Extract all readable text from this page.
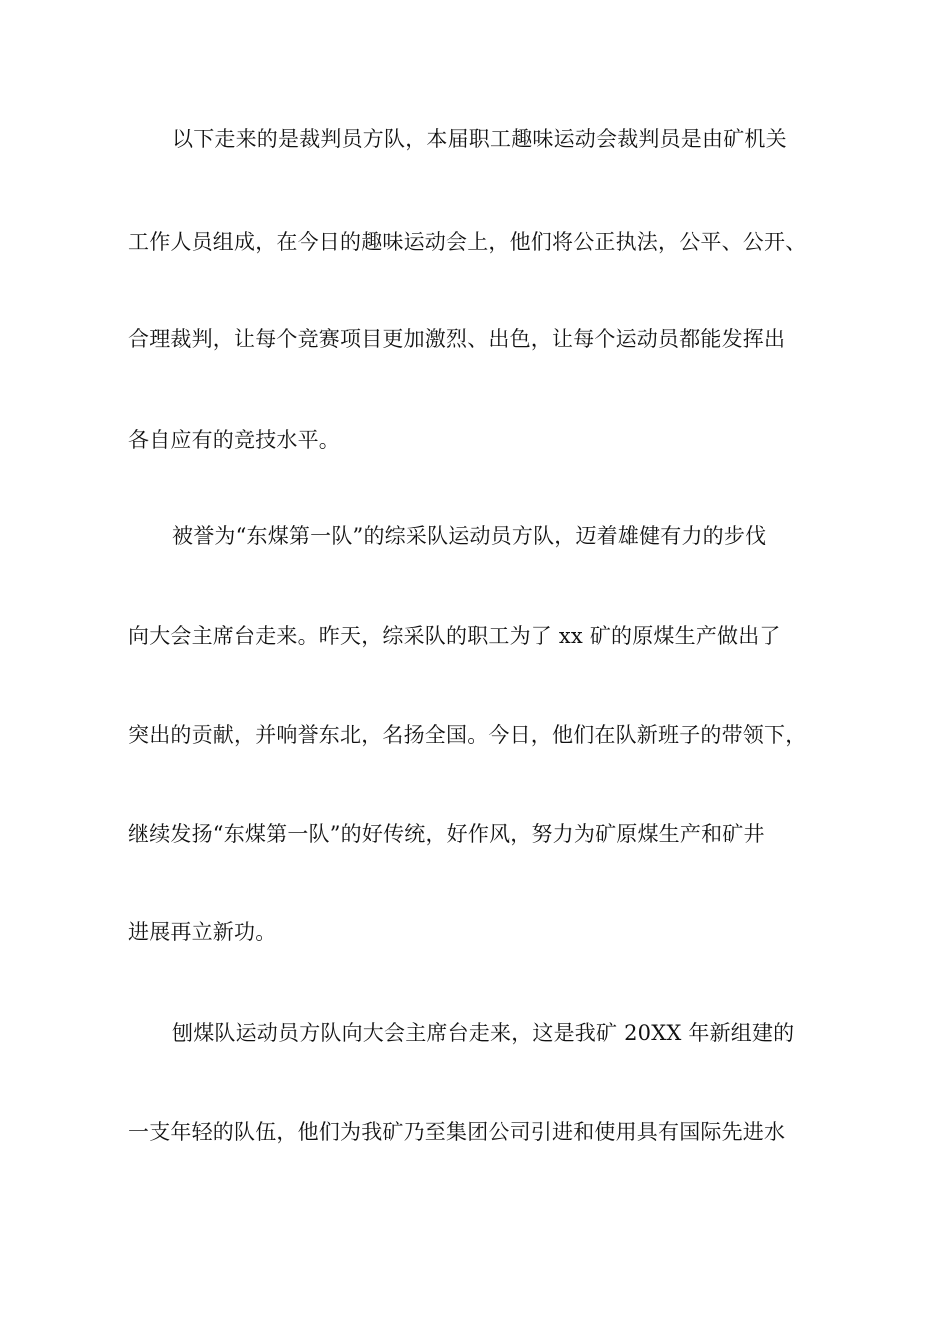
以下走来的是裁判员方队，本届职工趣味运动会裁判员是由矿机关
工作人员组成，在今日的趣味运动会上，他们将公正执法，公平、公开、
合理裁判，让每个竞赛项目更加激烈、出色，让每个运动员都能发挥出
各自应有的竞技水平。
被誉为“东煤第一队”的综采队运动员方队，迈着雄健有力的步伐
向大会主席台走来。昨天，综采队的职工为了 xx 矿的原煤生产做出了
突出的贡献，并响誉东北，名扬全国。今日，他们在队新班子的带领下，
继续发扬“东煤第一队”的好传统，好作风，努力为矿原煤生产和矿井
进展再立新功。
刨煤队运动员方队向大会主席台走来，这是我矿 20XX 年新组建的
一支年轻的队伍，他们为我矿乃至集团公司引进和使用具有国际先进水
